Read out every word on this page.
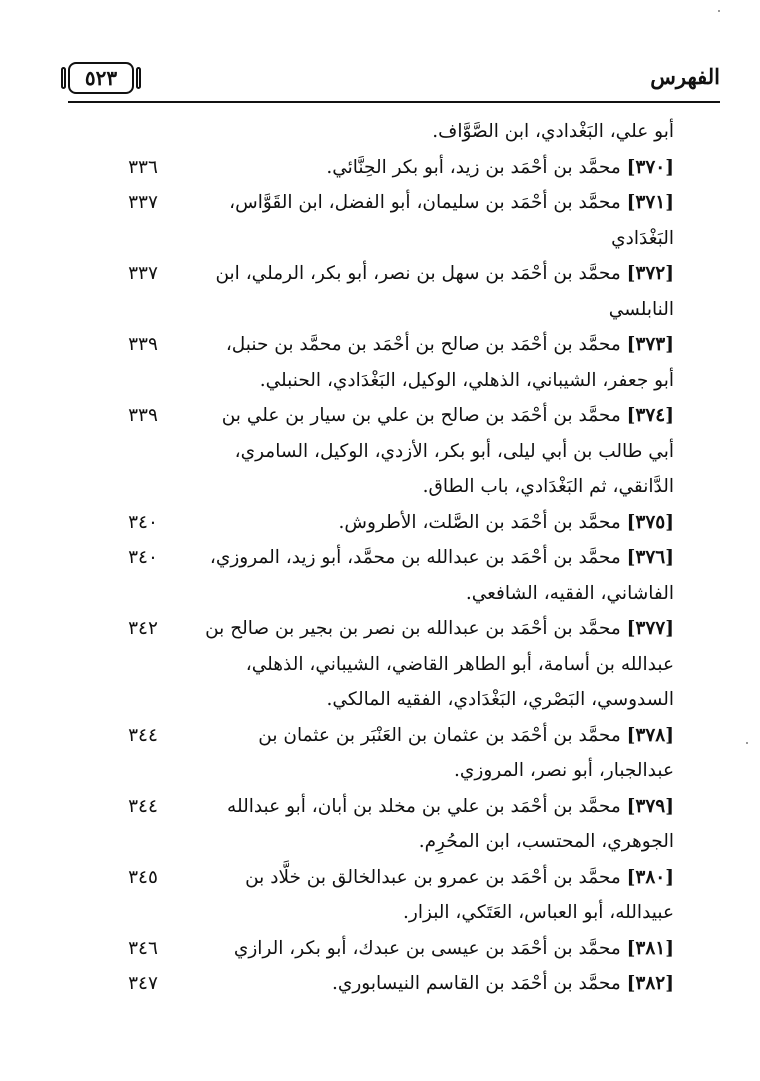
٥٢٣	الفهرس
أبو علي، البَغْدادي، ابن الصَّوَّاف.
[٣٧٠] محمَّد بن أحْمَد بن زيد، أبو بكر الحِنَّائي.
٣٣٦
[٣٧١] محمَّد بن أحْمَد بن سليمان، أبو الفضل، ابن القَوَّاس، البَغْدَادي
٣٣٧
[٣٧٢] محمَّد بن أحْمَد بن سهل بن نصر، أبو بكر، الرملي، ابن النابلسي
٣٣٧
[٣٧٣] محمَّد بن أحْمَد بن صالح بن أحْمَد بن محمَّد بن حنبل، أبو جعفر، الشيباني، الذهلي، الوكيل، البَغْدَادي، الحنبلي.
٣٣٩
[٣٧٤] محمَّد بن أحْمَد بن صالح بن علي بن سيار بن علي بن أبي طالب بن أبي ليلى، أبو بكر، الأزدي، الوكيل، السامري، الدَّانقي، ثم البَغْدَادي، باب الطاق.
٣٣٩
[٣٧٥] محمَّد بن أحْمَد بن الصَّلت، الأطروش.
٣٤٠
[٣٧٦] محمَّد بن أحْمَد بن عبدالله بن محمَّد، أبو زيد، المروزي، الفاشاني، الفقيه، الشافعي.
٣٤٠
[٣٧٧] محمَّد بن أحْمَد بن عبدالله بن نصر بن بجير بن صالح بن عبدالله بن أسامة، أبو الطاهر القاضي، الشيباني، الذهلي، السدوسي، البَصْري، البَغْدَادي، الفقيه المالكي.
٣٤٢
[٣٧٨] محمَّد بن أحْمَد بن عثمان بن العَنْبَر بن عثمان بن عبدالجبار، أبو نصر، المروزي.
٣٤٤
[٣٧٩] محمَّد بن أحْمَد بن علي بن مخلد بن أبان، أبو عبدالله الجوهري، المحتسب، ابن المحُرِم.
٣٤٤
[٣٨٠] محمَّد بن أحْمَد بن عمرو بن عبدالخالق بن خلَّاد بن عبيدالله، أبو العباس، العَتَكي، البزار.
٣٤٥
[٣٨١] محمَّد بن أحْمَد بن عيسى بن عبدك، أبو بكر، الرازي
٣٤٦
[٣٨٢] محمَّد بن أحْمَد بن القاسم النيسابوري.
٣٤٧
